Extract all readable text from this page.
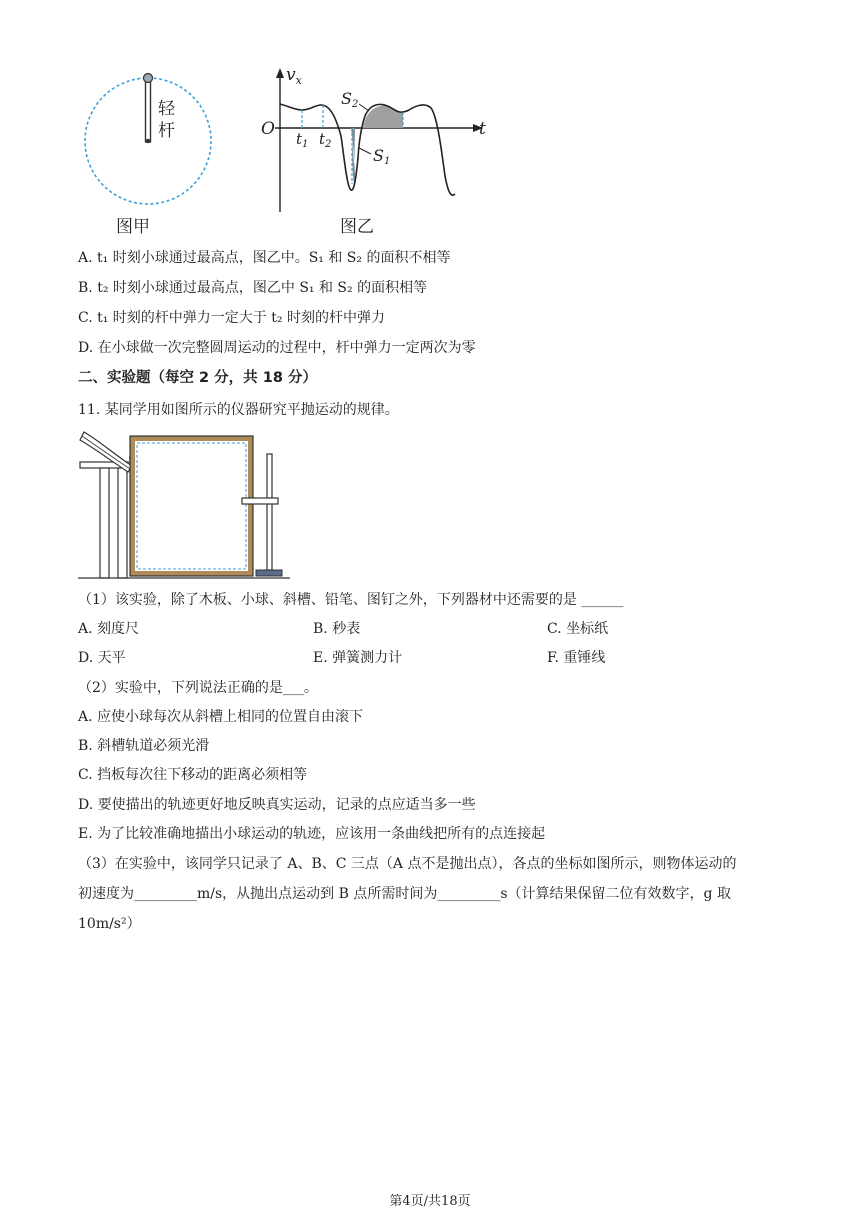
轻
杆
图甲
$v_x$
t
O $t_1$ $t_2$
S2
S1
图乙
A. t₁ 时刻小球通过最高点，图乙中。S₁ 和 S₂ 的面积不相等
B. t₂ 时刻小球通过最高点，图乙中 S₁ 和 S₂ 的面积相等
C. t₁ 时刻的杆中弹力一定大于 t₂ 时刻的杆中弹力
D. 在小球做一次完整圆周运动的过程中，杆中弹力一定两次为零
二、实验题（每空 2 分，共 18 分）
11. 某同学用如图所示的仪器研究平抛运动的规律。
（1）该实验，除了木板、小球、斜槽、铅笔、图钉之外，下列器材中还需要的是 ______
A. 刻度尺	B. 秒表	C. 坐标纸
D. 天平	E. 弹簧测力计	F. 重锤线
（2）实验中，下列说法正确的是___。
A. 应使小球每次从斜槽上相同的位置自由滚下
B. 斜槽轨道必须光滑
C. 挡板每次往下移动的距离必须相等
D. 要使描出的轨迹更好地反映真实运动，记录的点应适当多一些
E. 为了比较准确地描出小球运动的轨迹，应该用一条曲线把所有的点连接起
（3）在实验中，该同学只记录了 A、B、C 三点（A 点不是抛出点），各点的坐标如图所示，则物体运动的
初速度为_________m/s，从抛出点运动到 B 点所需时间为_________s（计算结果保留二位有效数字，g 取
10m/s²）
第4页/共18页
